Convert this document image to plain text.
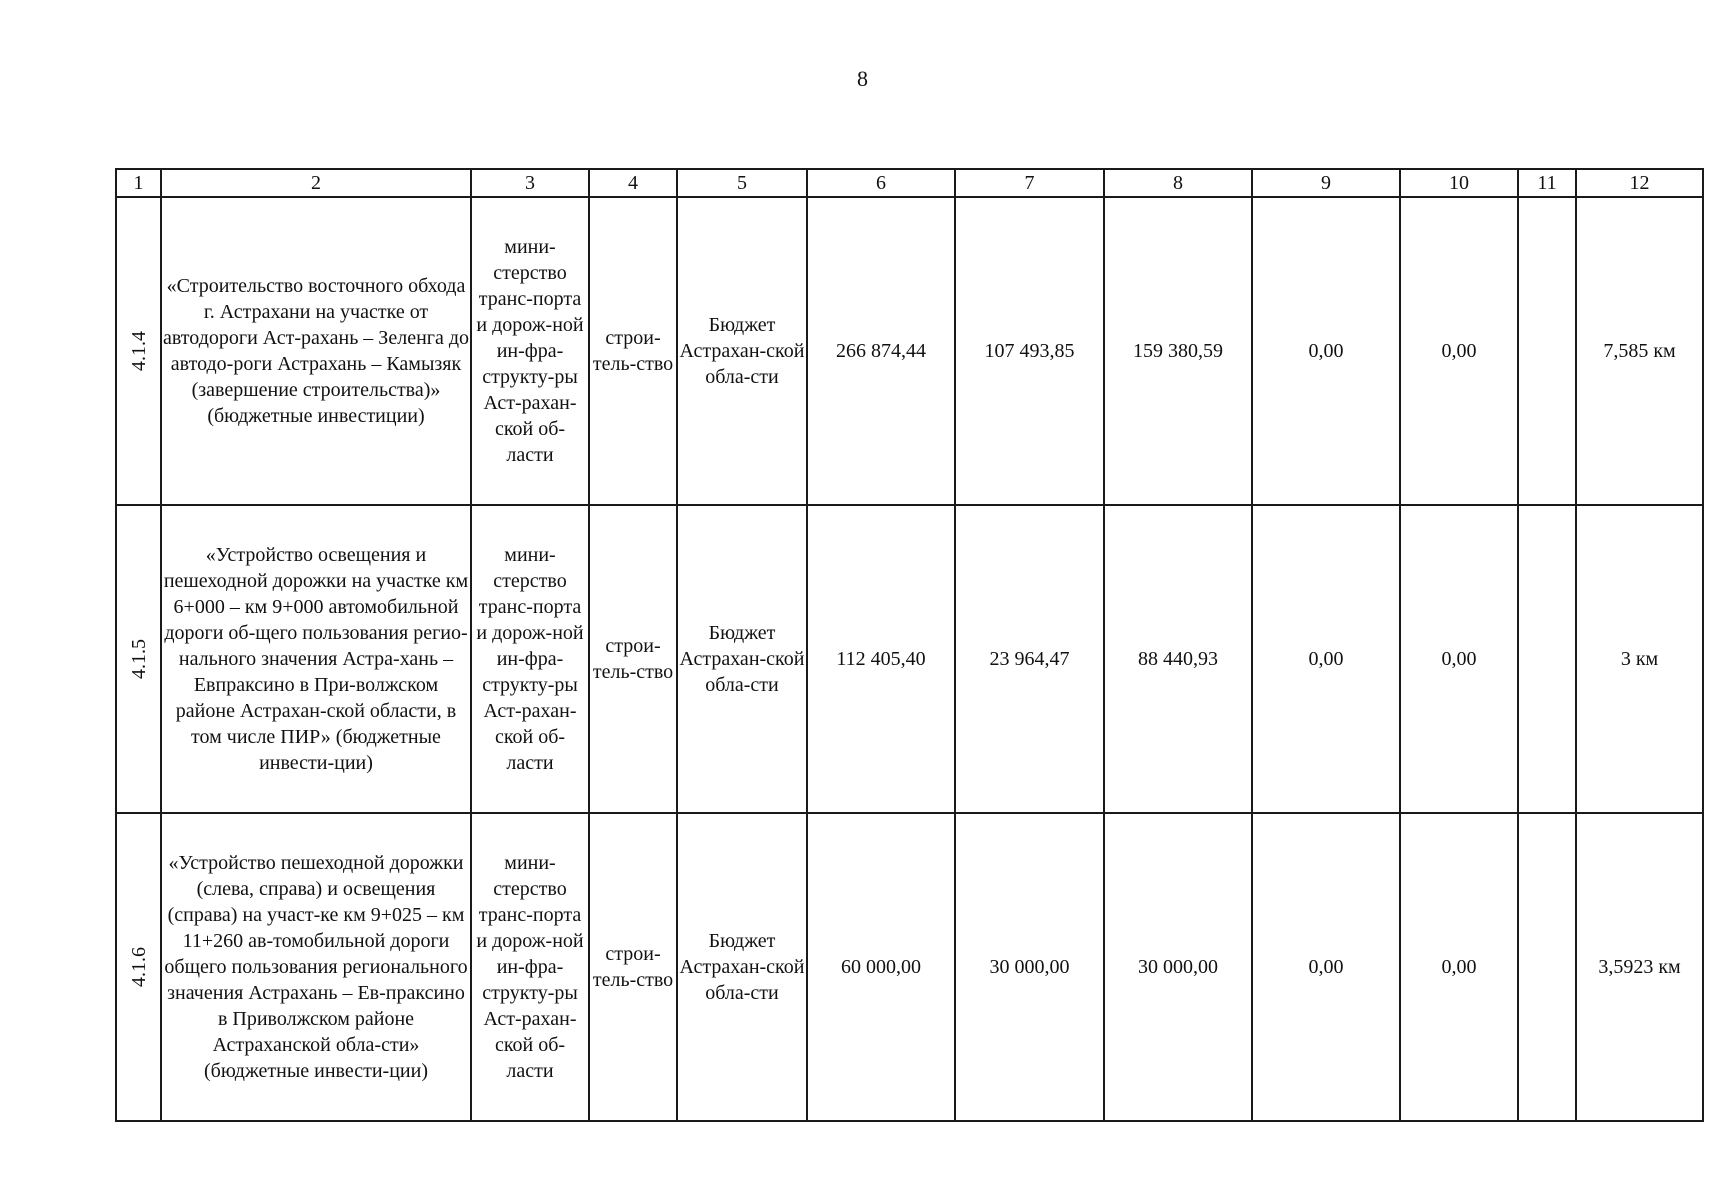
8
1	2	3	4	5	6	7	8	9	10	11	12
4.1.4	«Строительство восточного обхода г. Астрахани на участке от автодороги Аст-рахань – Зеленга до автодо-роги Астрахань – Камызяк (завершение строительства)» (бюджетные инвестиции)	мини-стерство транс-порта и дорож-ной ин-фра-структу-ры Аст-рахан-ской об-ласти	строи-тель-ство	Бюджет Астрахан-ской обла-сти	266 874,44	107 493,85	159 380,59	0,00	0,00		7,585 км
4.1.5	«Устройство освещения и пешеходной дорожки на участке км 6+000 – км 9+000 автомобильной дороги об-щего пользования регио-нального значения Астра-хань – Евпраксино в При-волжском районе Астрахан-ской области, в том числе ПИР» (бюджетные инвести-ции)	мини-стерство транс-порта и дорож-ной ин-фра-структу-ры Аст-рахан-ской об-ласти	строи-тель-ство	Бюджет Астрахан-ской обла-сти	112 405,40	23 964,47	88 440,93	0,00	0,00		3 км
4.1.6	«Устройство пешеходной дорожки (слева, справа) и освещения (справа) на участ-ке км 9+025 – км 11+260 ав-томобильной дороги общего пользования регионального значения Астрахань – Ев-праксино в Приволжском районе Астраханской обла-сти» (бюджетные инвести-ции)	мини-стерство транс-порта и дорож-ной ин-фра-структу-ры Аст-рахан-ской об-ласти	строи-тель-ство	Бюджет Астрахан-ской обла-сти	60 000,00	30 000,00	30 000,00	0,00	0,00		3,5923 км
